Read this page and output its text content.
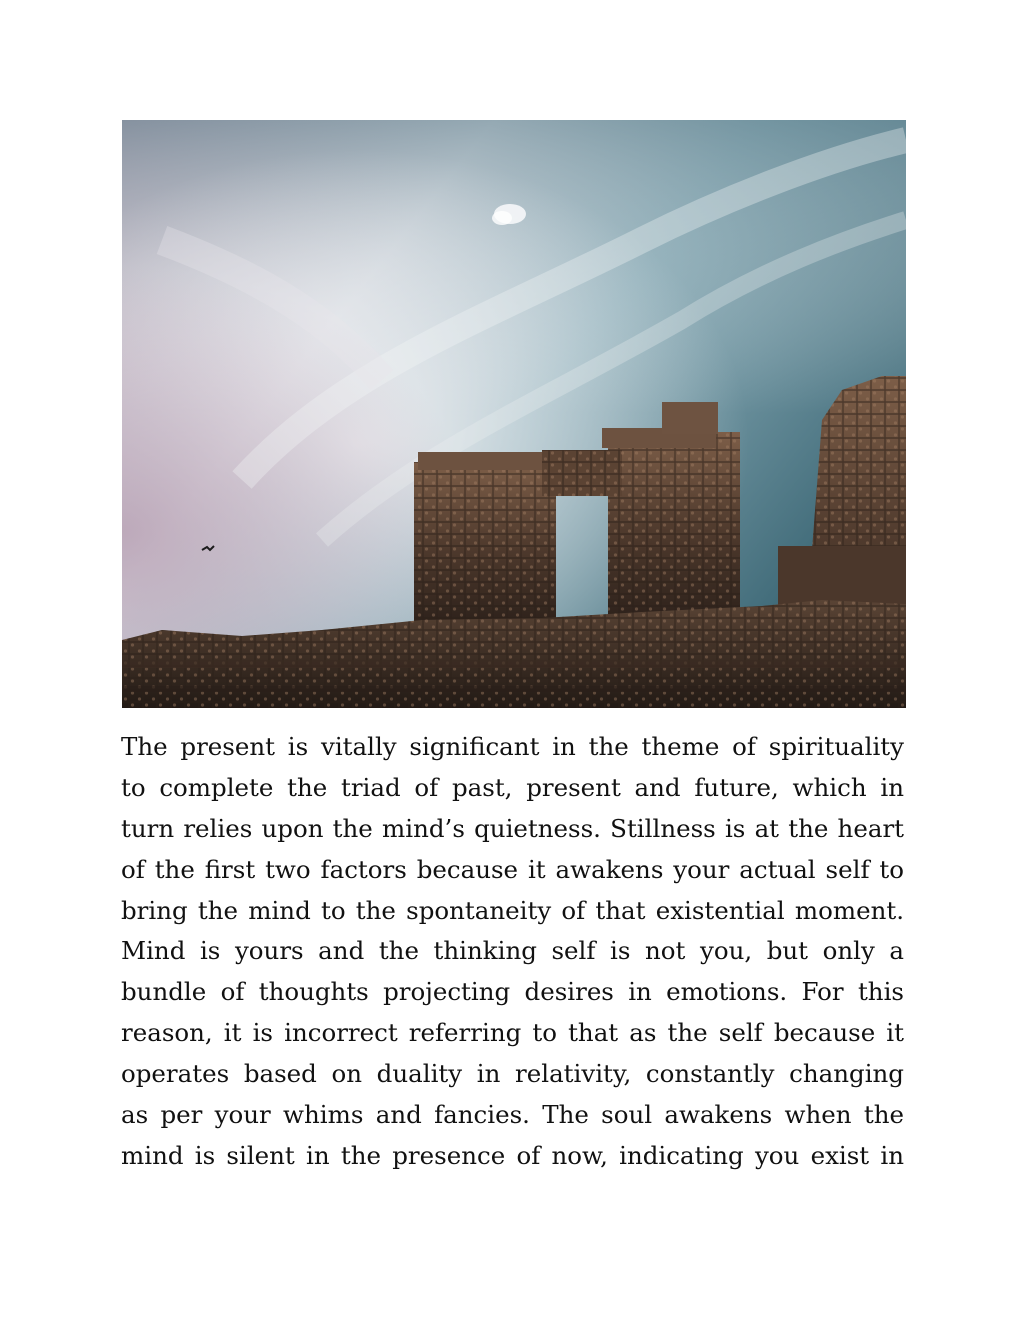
The present is vitally significant in the theme of spirituality
to complete the triad of past, present and future, which in
turn relies upon the mind’s quietness. Stillness is at the heart
of the first two factors because it awakens your actual self to
bring the mind to the spontaneity of that existential moment.
Mind is yours and the thinking self is not you, but only a
bundle of thoughts projecting desires in emotions. For this
reason, it is incorrect referring to that as the self because it
operates based on duality in relativity, constantly changing
as per your whims and fancies. The soul awakens when the
mind is silent in the presence of now, indicating you exist in
